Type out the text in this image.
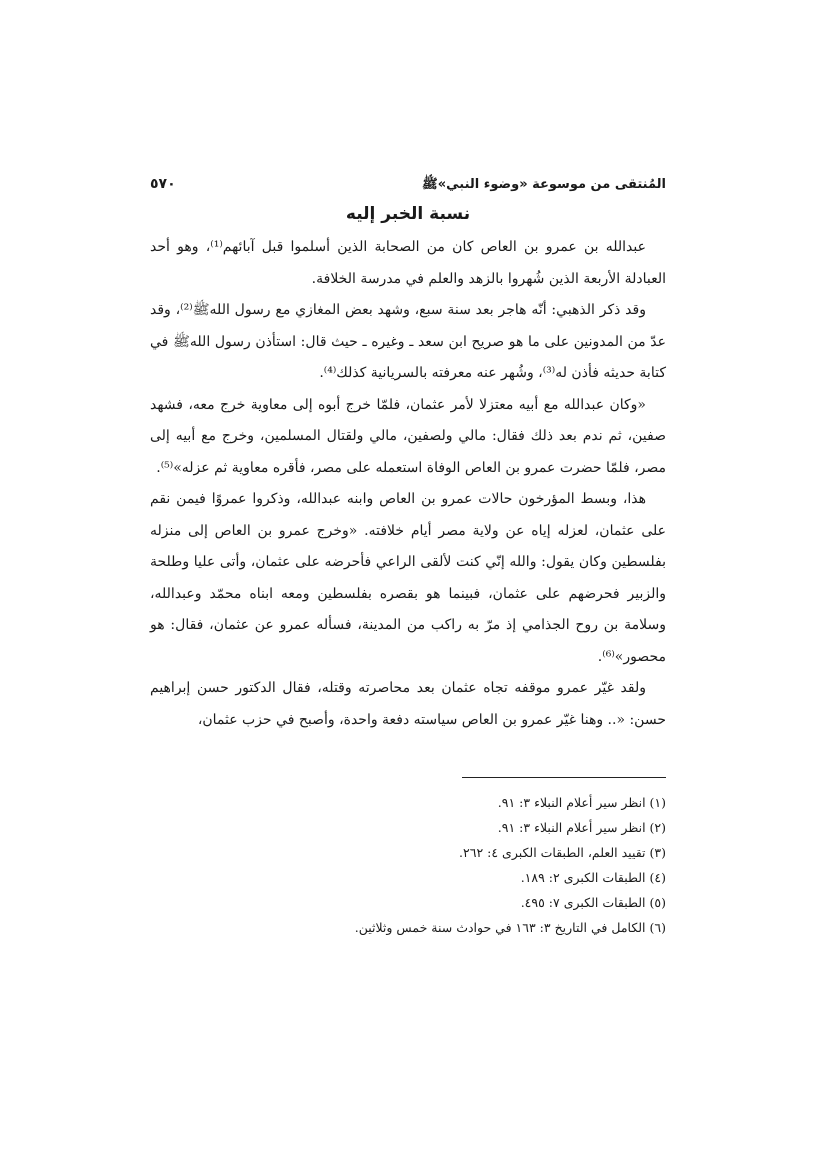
المُنتقى من موسوعة «وضوء النبي»ﷺ
٥٧٠
نسبة الخبر إليه

عبدالله بن عمرو بن العاص كان من الصحابة الذين أسلموا قبل آبائهم⁽¹⁾، وهو أحد العبادلة الأربعة الذين شُهروا بالزهد والعلم في مدرسة الخلافة.

وقد ذكر الذهبي: أنّه هاجر بعد سنة سبع، وشهد بعض المغازي مع رسول اللهﷺ⁽²⁾، وقد عدّ من المدونين على ما هو صريح ابن سعد ـ وغيره ـ حيث قال: استأذن رسول اللهﷺ في كتابة حديثه فأذن له⁽³⁾، وشُهر عنه معرفته بالسريانية كذلك⁽⁴⁾.

«وكان عبدالله مع أبيه معتزلا لأمر عثمان، فلمّا خرج أبوه إلى معاوية خرج معه، فشهد صفين، ثم ندم بعد ذلك فقال: مالي ولصفين، مالي ولقتال المسلمين، وخرج مع أبيه إلى مصر، فلمّا حضرت عمرو بن العاص الوفاة استعمله على مصر، فأقره معاوية ثم عزله»⁽⁵⁾.

هذا، وبسط المؤرخون حالات عمرو بن العاص وابنه عبدالله، وذكروا عمروًا فيمن نقم على عثمان، لعزله إياه عن ولاية مصر أيام خلافته. «وخرج عمرو بن العاص إلى منزله بفلسطين وكان يقول: والله إنّي كنت لألقى الراعي فأحرضه على عثمان، وأتى عليا وطلحة والزبير فحرضهم على عثمان، فبينما هو بقصره بفلسطين ومعه ابناه محمّد وعبدالله، وسلامة بن روح الجذامي إذ مرّ به راكب من المدينة، فسأله عمرو عن عثمان، فقال: هو محصور»⁽⁶⁾.

ولقد غيّر عمرو موقفه تجاه عثمان بعد محاصرته وقتله، فقال الدكتور حسن إبراهيم حسن: «.. وهنا غيّر عمرو بن العاص سياسته دفعة واحدة، وأصبح في حزب عثمان،

(١) انظر سير أعلام النبلاء ٣: ٩١.
(٢) انظر سير أعلام النبلاء ٣: ٩١.
(٣) تقييد العلم، الطبقات الكبرى ٤: ٢٦٢.
(٤) الطبقات الكبرى ٢: ١٨٩.
(٥) الطبقات الكبرى ٧: ٤٩٥.
(٦) الكامل في التاريخ ٣: ١٦٣ في حوادث سنة خمس وثلاثين.
